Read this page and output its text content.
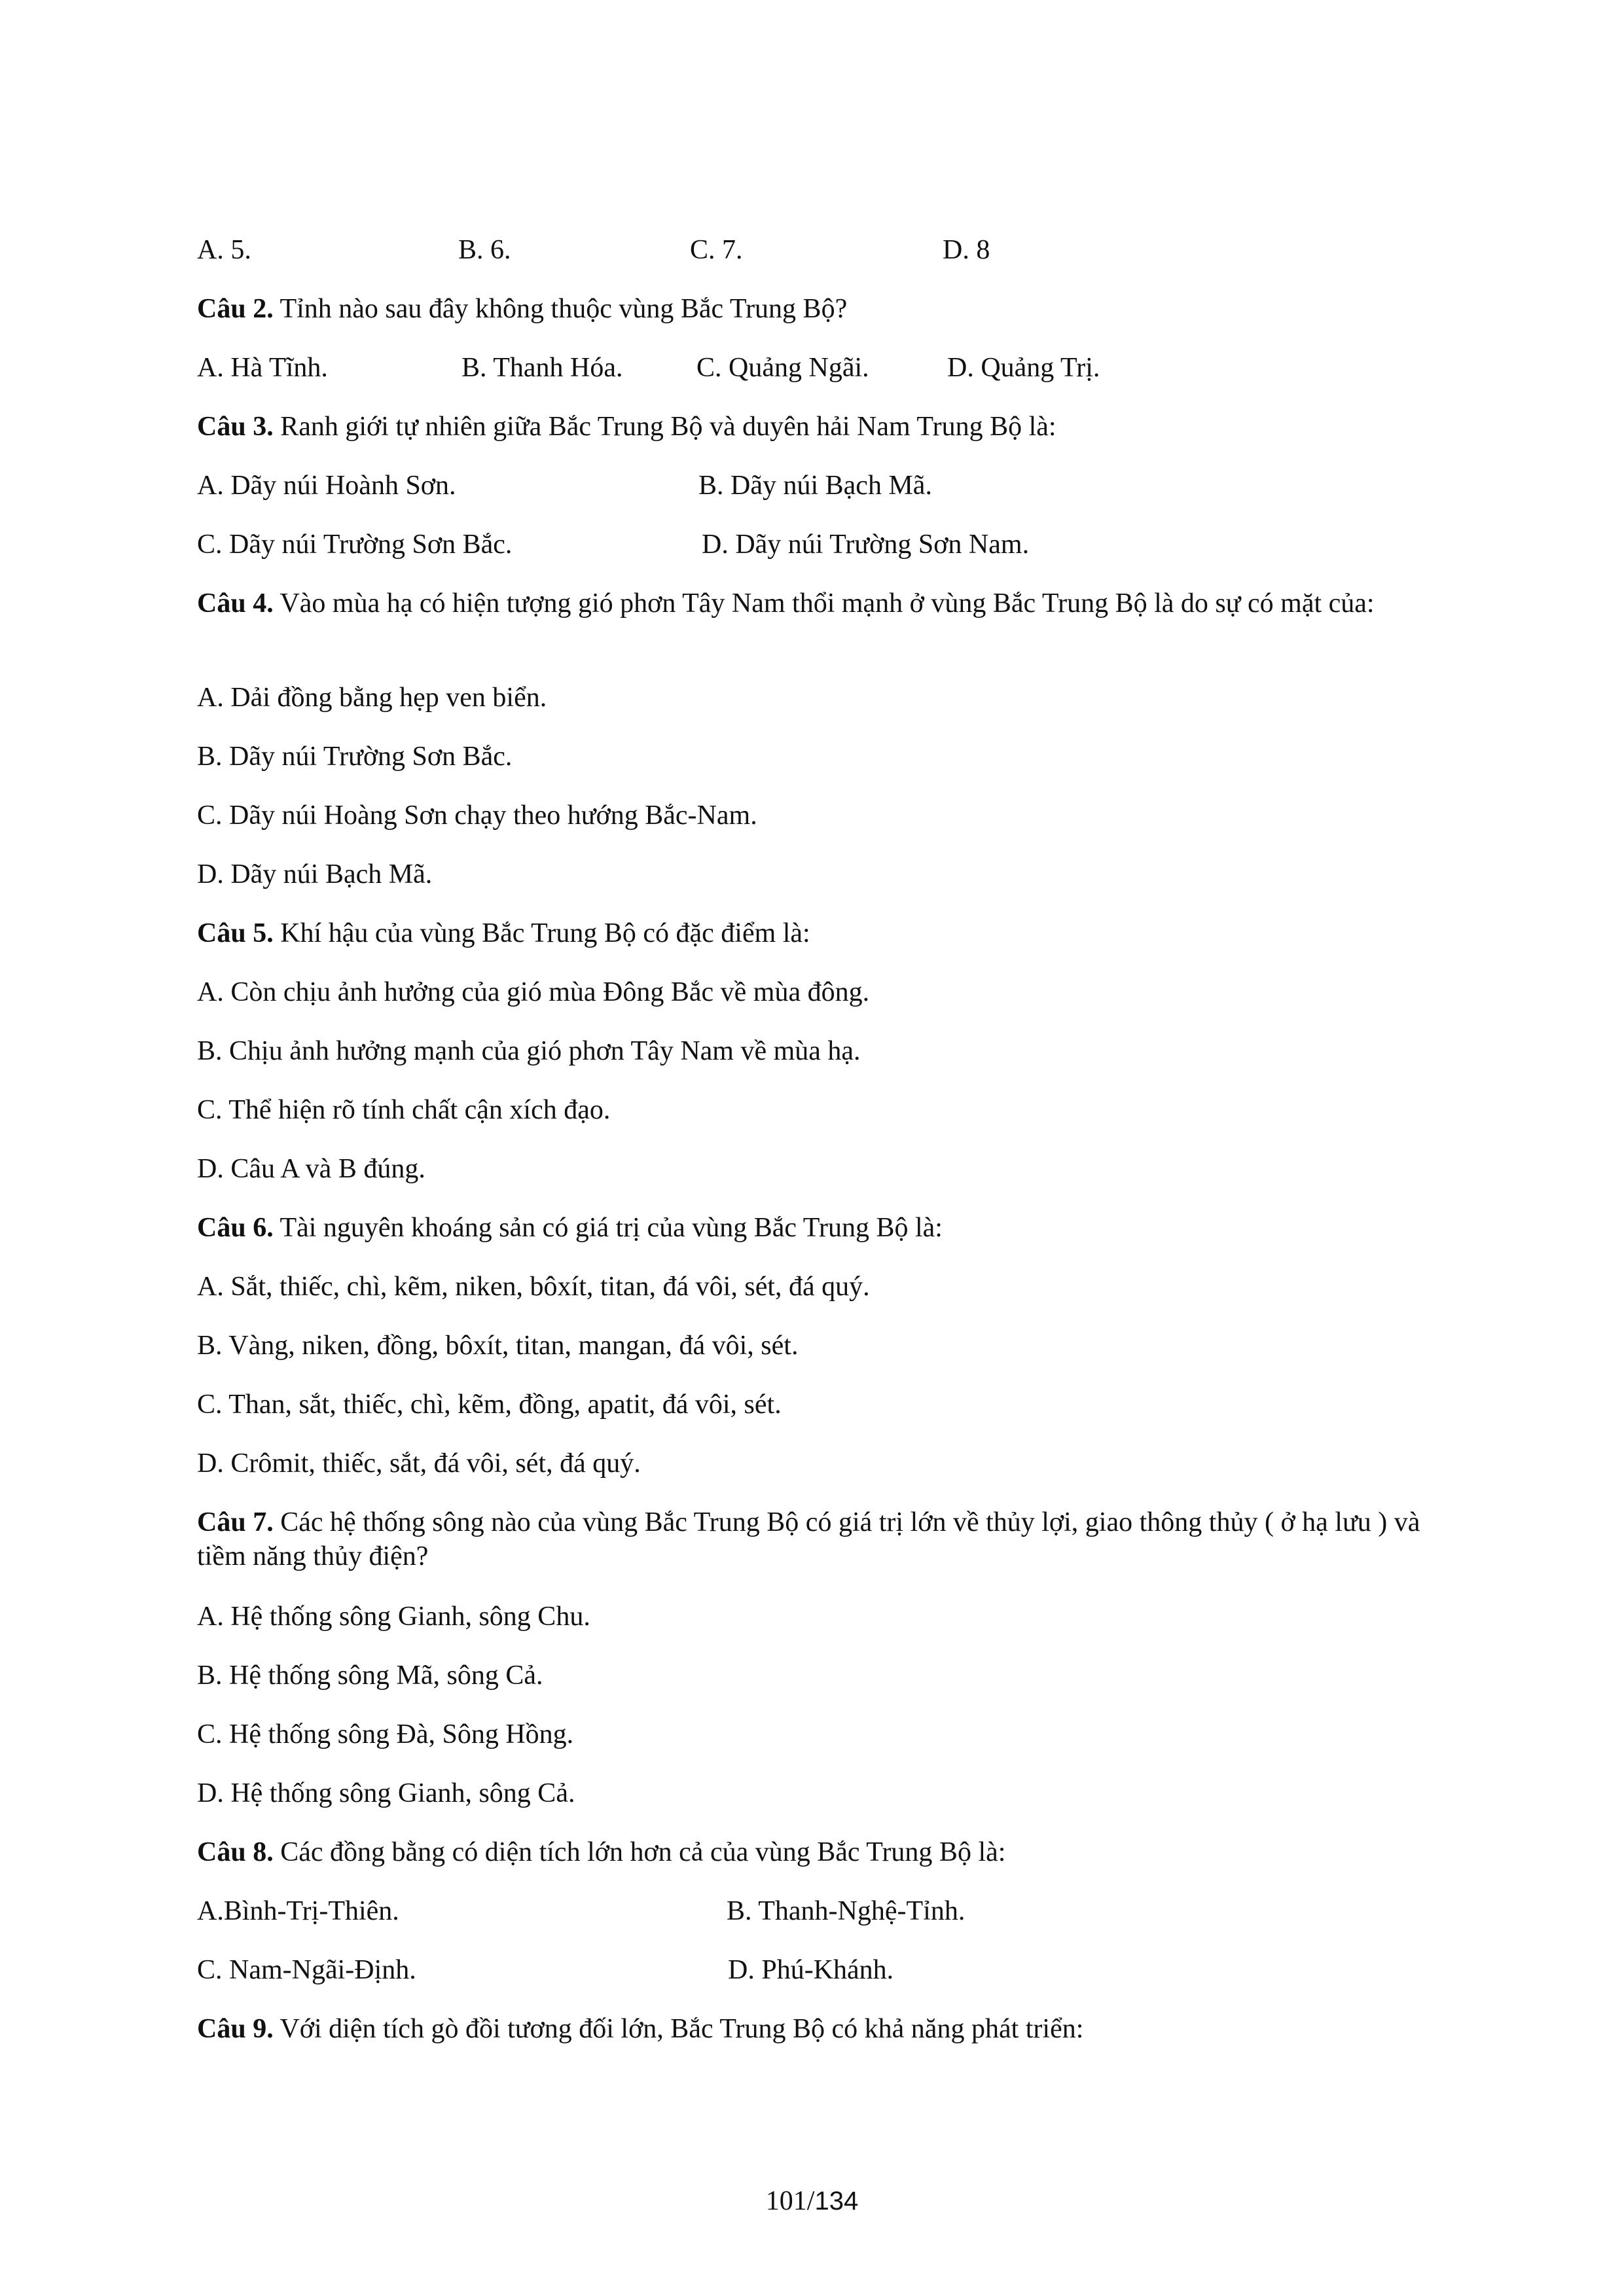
A. 5.	B. 6.	C. 7.	D. 8
Câu 2. Tỉnh nào sau đây không thuộc vùng Bắc Trung Bộ?
A. Hà Tĩnh.	B. Thanh Hóa.	C. Quảng Ngãi.	D. Quảng Trị.
Câu 3. Ranh giới tự nhiên giữa Bắc Trung Bộ và duyên hải Nam Trung Bộ là:
A. Dãy núi Hoành Sơn.	B. Dãy núi Bạch Mã.
C. Dãy núi Trường Sơn Bắc.	D. Dãy núi Trường Sơn Nam.
Câu 4. Vào mùa hạ có hiện tượng gió phơn Tây Nam thổi mạnh ở vùng Bắc Trung Bộ là do sự có mặt của:
A. Dải đồng bằng hẹp ven biển.
B. Dãy núi Trường Sơn Bắc.
C. Dãy núi Hoàng Sơn chạy theo hướng Bắc-Nam.
D. Dãy núi Bạch Mã.
Câu 5. Khí hậu của vùng Bắc Trung Bộ có đặc điểm là:
A. Còn chịu ảnh hưởng của gió mùa Đông Bắc về mùa đông.
B. Chịu ảnh hưởng mạnh của gió phơn Tây Nam về mùa hạ.
C. Thể hiện rõ tính chất cận xích đạo.
D. Câu A và B đúng.
Câu 6. Tài nguyên khoáng sản có giá trị của vùng Bắc Trung Bộ là:
A. Sắt, thiếc, chì, kẽm, niken, bôxít, titan, đá vôi, sét, đá quý.
B. Vàng, niken, đồng, bôxít, titan, mangan, đá vôi, sét.
C. Than, sắt, thiếc, chì, kẽm, đồng, apatit, đá vôi, sét.
D. Crômit, thiếc, sắt, đá vôi, sét, đá quý.
Câu 7. Các hệ thống sông nào của vùng Bắc Trung Bộ có giá trị lớn về thủy lợi, giao thông thủy ( ở hạ lưu ) và tiềm năng thủy điện?
A. Hệ thống sông Gianh, sông Chu.
B. Hệ thống sông Mã, sông Cả.
C. Hệ thống sông Đà, Sông Hồng.
D. Hệ thống sông Gianh, sông Cả.
Câu 8. Các đồng bằng có diện tích lớn hơn cả của vùng Bắc Trung Bộ là:
A.Bình-Trị-Thiên.	B. Thanh-Nghệ-Tỉnh.
C. Nam-Ngãi-Định.	D. Phú-Khánh.
Câu 9. Với diện tích gò đồi tương đối lớn, Bắc Trung Bộ có khả năng phát triển:
101/134
